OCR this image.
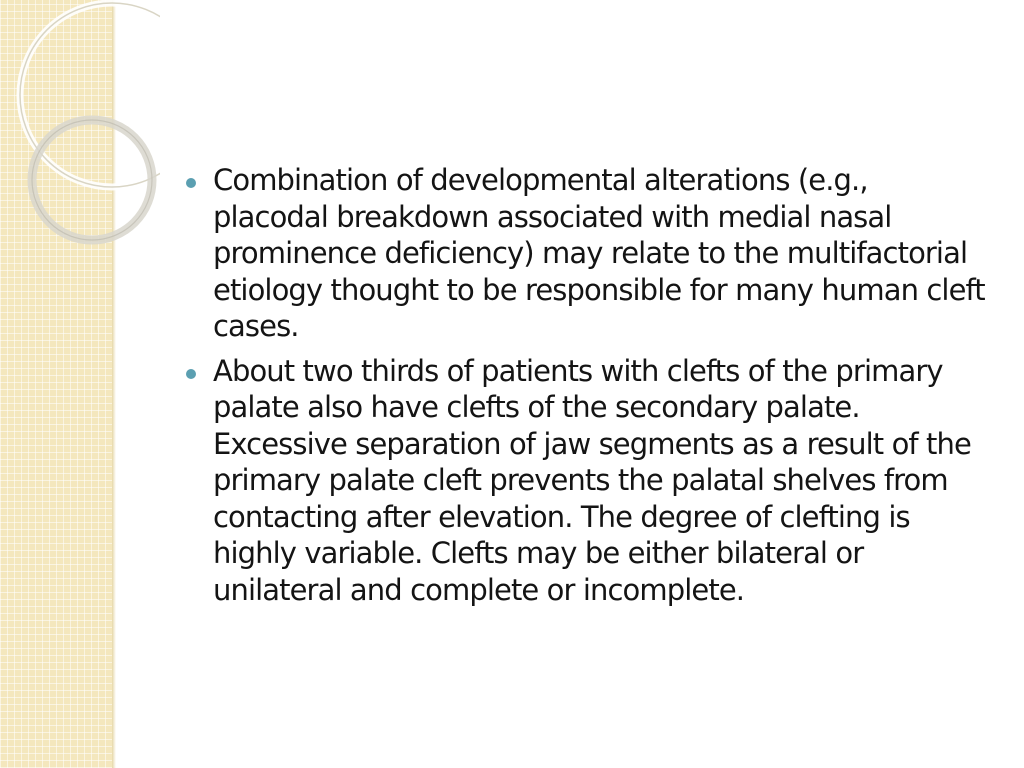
Combination of developmental alterations (e.g., placodal breakdown associated with medial nasal prominence deficiency) may relate to the multifactorial etiology thought to be responsible for many human cleft cases.
About two thirds of patients with clefts of the primary palate also have clefts of the secondary palate. Excessive separation of jaw segments as a result of the primary palate cleft prevents the palatal shelves from contacting after elevation. The degree of clefting is highly variable. Clefts may be either bilateral or unilateral and complete or incomplete.
